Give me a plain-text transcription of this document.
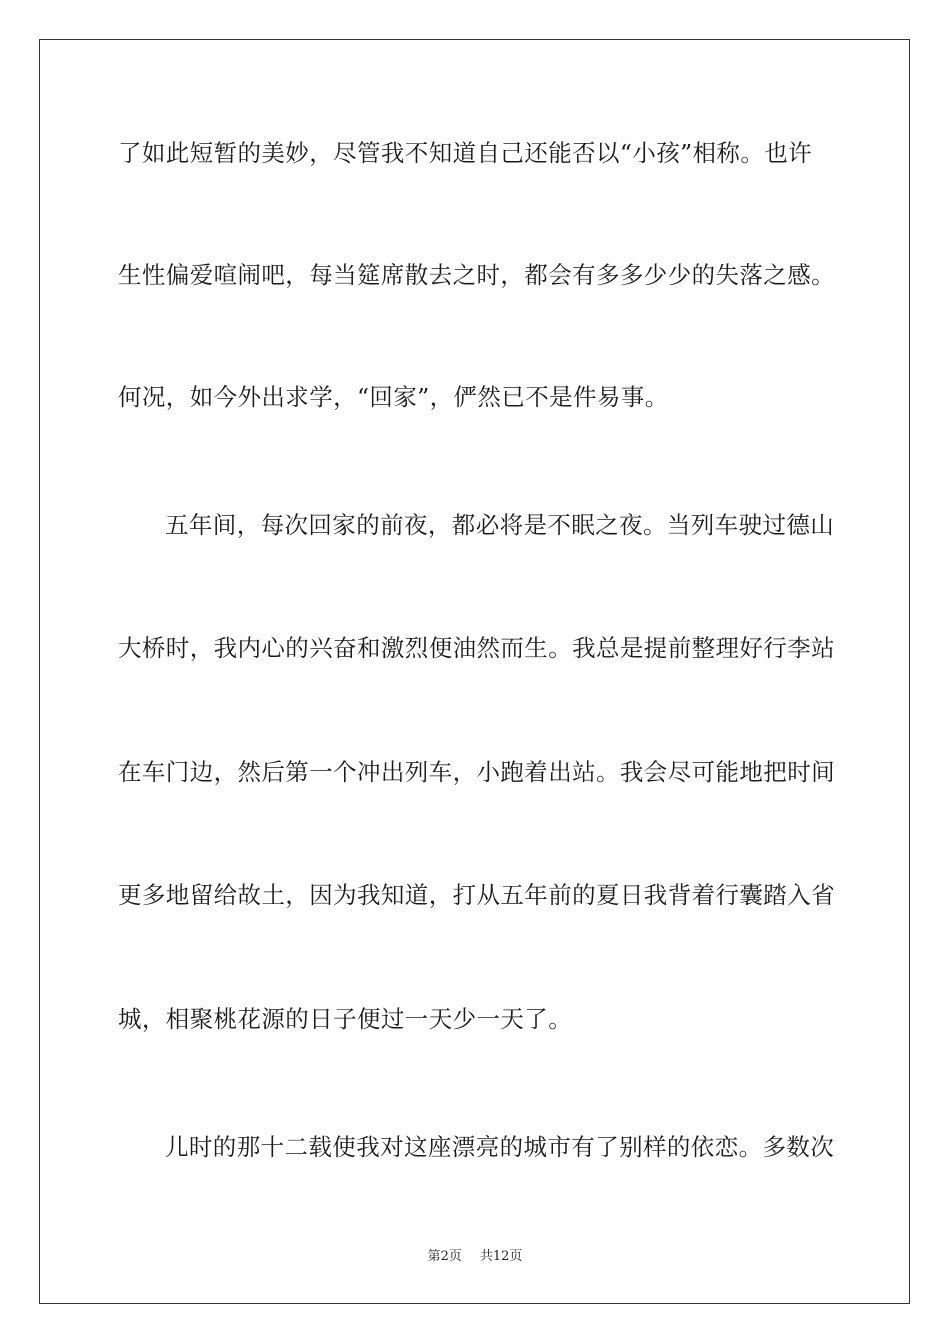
了如此短暂的美妙，尽管我不知道自己还能否以“小孩”相称。也许
生性偏爱喧闹吧，每当筵席散去之时，都会有多多少少的失落之感。
何况，如今外出求学，“回家”，俨然已不是件易事。
五年间，每次回家的前夜，都必将是不眠之夜。当列车驶过德山
大桥时，我内心的兴奋和激烈便油然而生。我总是提前整理好行李站
在车门边，然后第一个冲出列车，小跑着出站。我会尽可能地把时间
更多地留给故土，因为我知道，打从五年前的夏日我背着行囊踏入省
城，相聚桃花源的日子便过一天少一天了。
儿时的那十二载使我对这座漂亮的城市有了别样的依恋。多数次
第2页 共12页
